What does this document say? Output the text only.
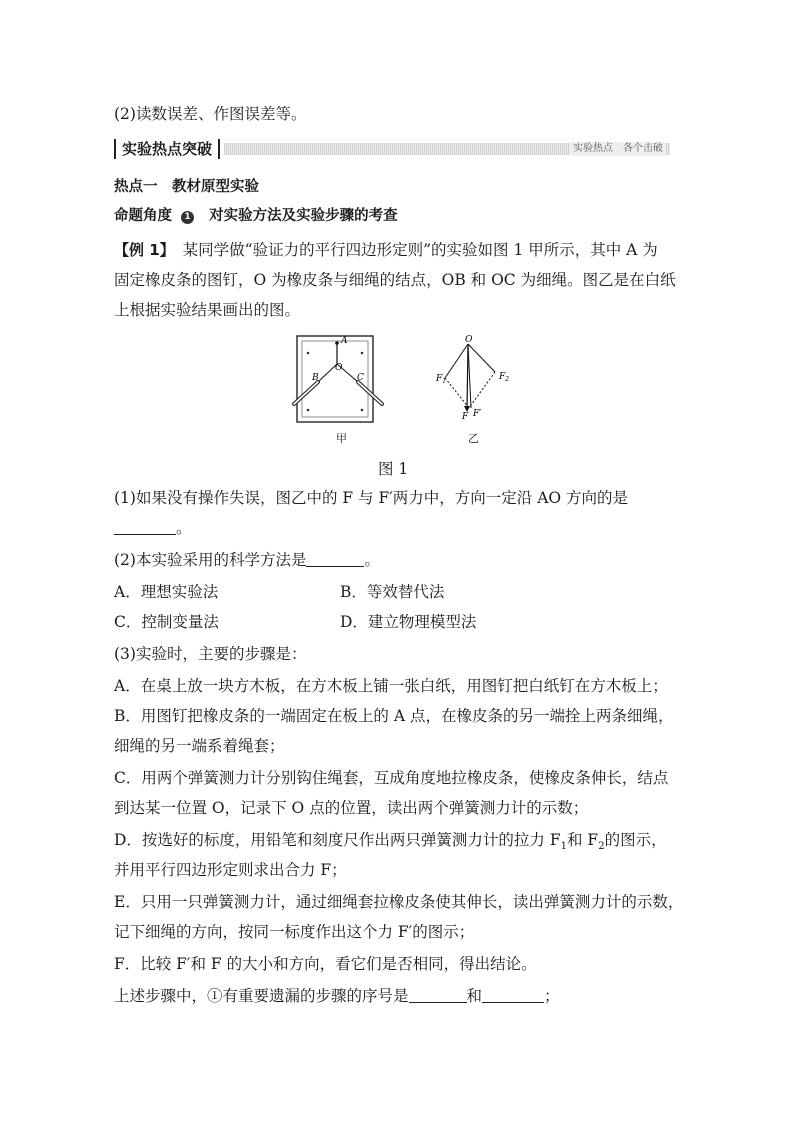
(2)读数误差、作图误差等。
实验热点突破	实验热点　各个击破
热点一　教材原型实验
命题角度 1 对实验方法及实验步骤的考查
【例 1】 某同学做“验证力的平行四边形定则”的实验如图 1 甲所示，其中 A 为
固定橡皮条的图钉，O 为橡皮条与细绳的结点，OB 和 OC 为细绳。图乙是在白纸
上根据实验结果画出的图。
A
O
B	C
O
$F_1$	$F_2$
F F′
甲	乙
图 1
(1)如果没有操作失误，图乙中的 F 与 F′两力中，方向一定沿 AO 方向的是
。
(2)本实验采用的科学方法是	。
A．理想实验法	B．等效替代法
C．控制变量法	D．建立物理模型法
(3)实验时，主要的步骤是：
A．在桌上放一块方木板，在方木板上铺一张白纸，用图钉把白纸钉在方木板上；
B．用图钉把橡皮条的一端固定在板上的 A 点，在橡皮条的另一端拴上两条细绳，
细绳的另一端系着绳套；
C．用两个弹簧测力计分别钩住绳套，互成角度地拉橡皮条，使橡皮条伸长，结点
到达某一位置 O，记录下 O 点的位置，读出两个弹簧测力计的示数；
D．按选好的标度，用铅笔和刻度尺作出两只弹簧测力计的拉力 $F_1$和 $F_2$的图示，
并用平行四边形定则求出合力 F；
E．只用一只弹簧测力计，通过细绳套拉橡皮条使其伸长，读出弹簧测力计的示数，
记下细绳的方向，按同一标度作出这个力 F′的图示；
F．比较 F′和 F 的大小和方向，看它们是否相同，得出结论。
上述步骤中，①有重要遗漏的步骤的序号是	和	；
